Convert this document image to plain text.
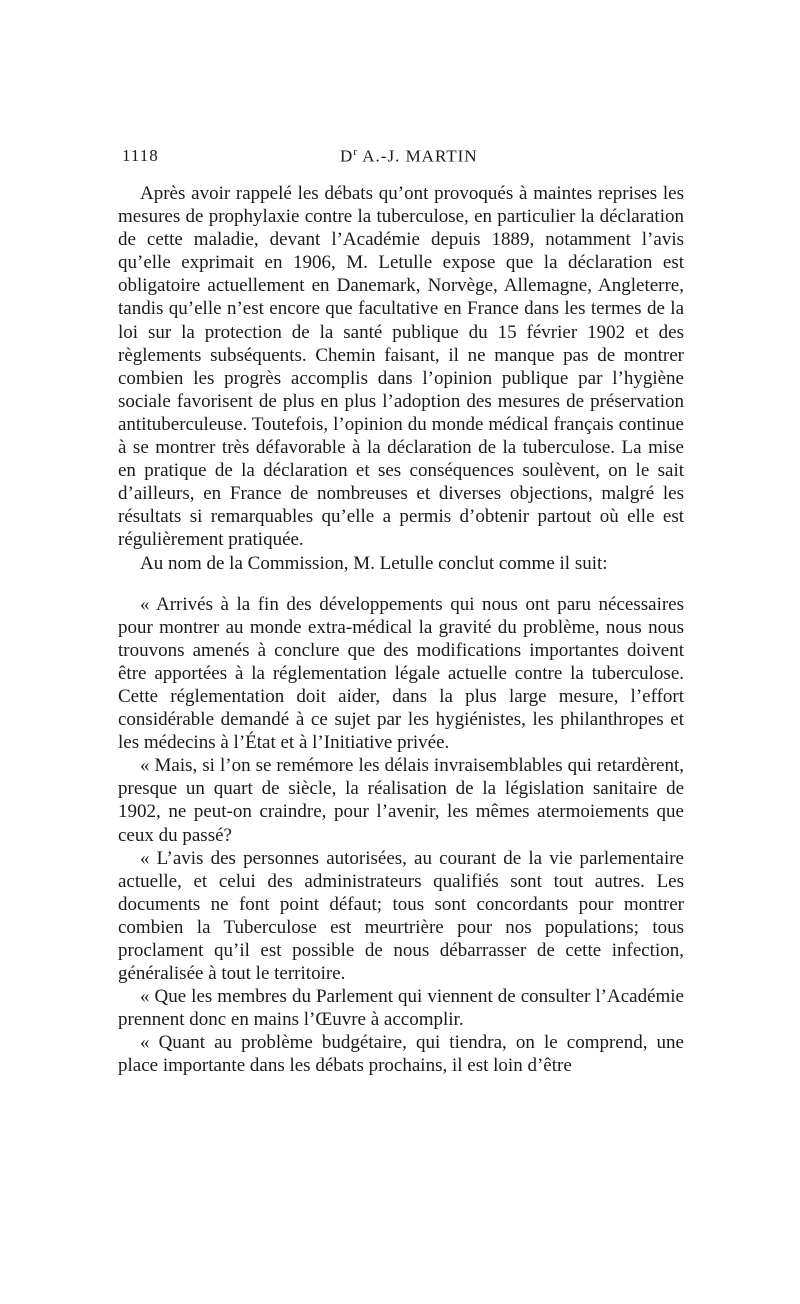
1118	$D^r$ A.-J. MARTIN

Après avoir rappelé les débats qu’ont provoqués à maintes reprises les mesures de prophylaxie contre la tuberculose, en particulier la déclaration de cette maladie, devant l’Académie depuis 1889, notamment l’avis qu’elle exprimait en 1906, M. Letulle expose que la déclaration est obligatoire actuellement en Danemark, Norvège, Allemagne, Angleterre, tandis qu’elle n’est encore que facultative en France dans les termes de la loi sur la protection de la santé publique du 15 février 1902 et des règlements subséquents. Chemin faisant, il ne manque pas de montrer combien les progrès accomplis dans l’opinion publique par l’hygiène sociale favorisent de plus en plus l’adoption des mesures de préservation antituberculeuse. Toutefois, l’opinion du monde médical français continue à se montrer très défavorable à la déclaration de la tuberculose. La mise en pratique de la déclaration et ses conséquences soulèvent, on le sait d’ailleurs, en France de nombreuses et diverses objections, malgré les résultats si remarquables qu’elle a permis d’obtenir partout où elle est régulièrement pratiquée.

Au nom de la Commission, M. Letulle conclut comme il suit:

« Arrivés à la fin des développements qui nous ont paru nécessaires pour montrer au monde extra-médical la gravité du problème, nous nous trouvons amenés à conclure que des modifications importantes doivent être apportées à la réglementation légale actuelle contre la tuberculose. Cette réglementation doit aider, dans la plus large mesure, l’effort considérable demandé à ce sujet par les hygiénistes, les philanthropes et les médecins à l’État et à l’Initiative privée.

« Mais, si l’on se remémore les délais invraisemblables qui retardèrent, presque un quart de siècle, la réalisation de la législation sanitaire de 1902, ne peut-on craindre, pour l’avenir, les mêmes atermoiements que ceux du passé?

« L’avis des personnes autorisées, au courant de la vie parlementaire actuelle, et celui des administrateurs qualifiés sont tout autres. Les documents ne font point défaut; tous sont concordants pour montrer combien la Tuberculose est meurtrière pour nos populations; tous proclament qu’il est possible de nous débarrasser de cette infection, généralisée à tout le territoire.

« Que les membres du Parlement qui viennent de consulter l’Académie prennent donc en mains l’Œuvre à accomplir.

« Quant au problème budgétaire, qui tiendra, on le comprend, une place importante dans les débats prochains, il est loin d’être
